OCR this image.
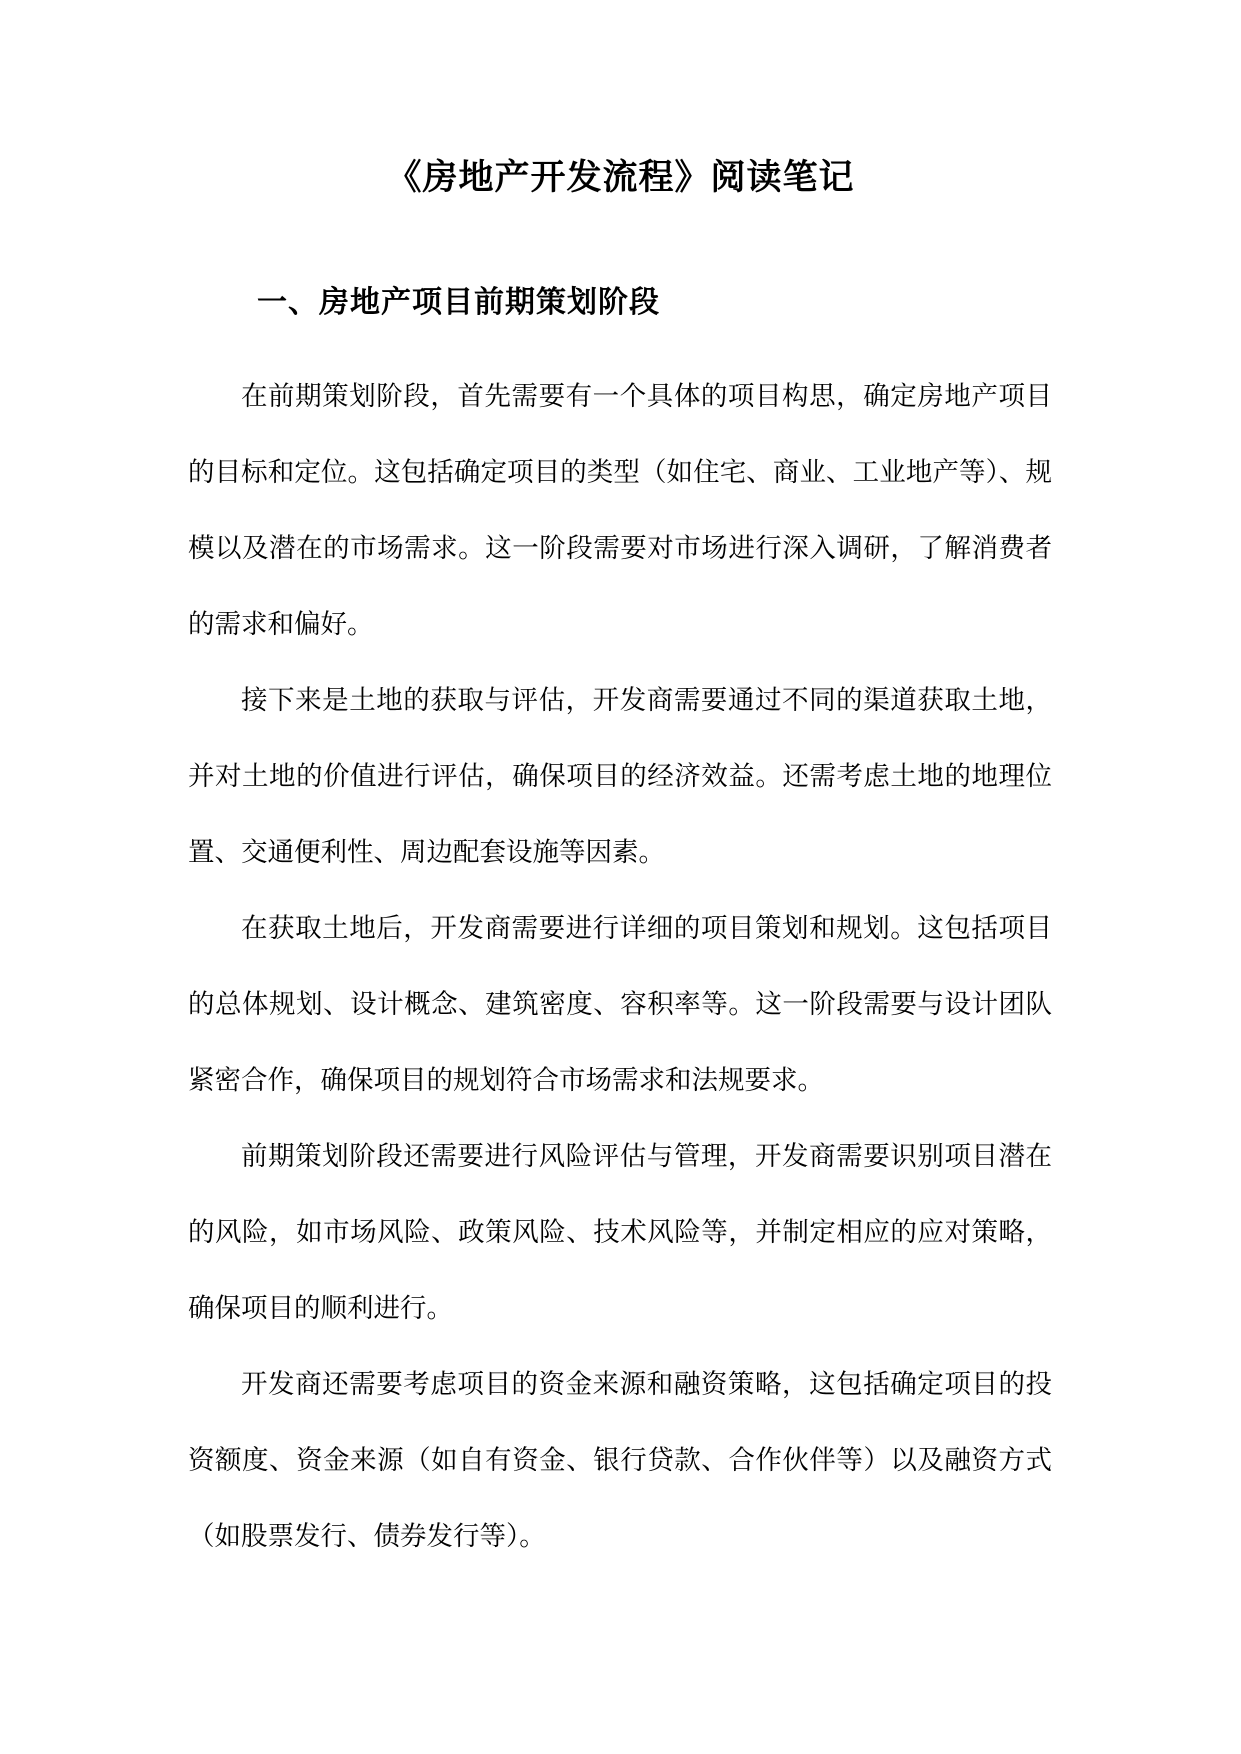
《房地产开发流程》阅读笔记
一、房地产项目前期策划阶段

在前期策划阶段，首先需要有一个具体的项目构思，确定房地产项目的目标和定位。这包括确定项目的类型（如住宅、商业、工业地产等）、规模以及潜在的市场需求。这一阶段需要对市场进行深入调研，了解消费者的需求和偏好。

接下来是土地的获取与评估，开发商需要通过不同的渠道获取土地，并对土地的价值进行评估，确保项目的经济效益。还需考虑土地的地理位置、交通便利性、周边配套设施等因素。

在获取土地后，开发商需要进行详细的项目策划和规划。这包括项目的总体规划、设计概念、建筑密度、容积率等。这一阶段需要与设计团队紧密合作，确保项目的规划符合市场需求和法规要求。

前期策划阶段还需要进行风险评估与管理，开发商需要识别项目潜在的风险，如市场风险、政策风险、技术风险等，并制定相应的应对策略，确保项目的顺利进行。

开发商还需要考虑项目的资金来源和融资策略，这包括确定项目的投资额度、资金来源（如自有资金、银行贷款、合作伙伴等）以及融资方式（如股票发行、债券发行等）。
